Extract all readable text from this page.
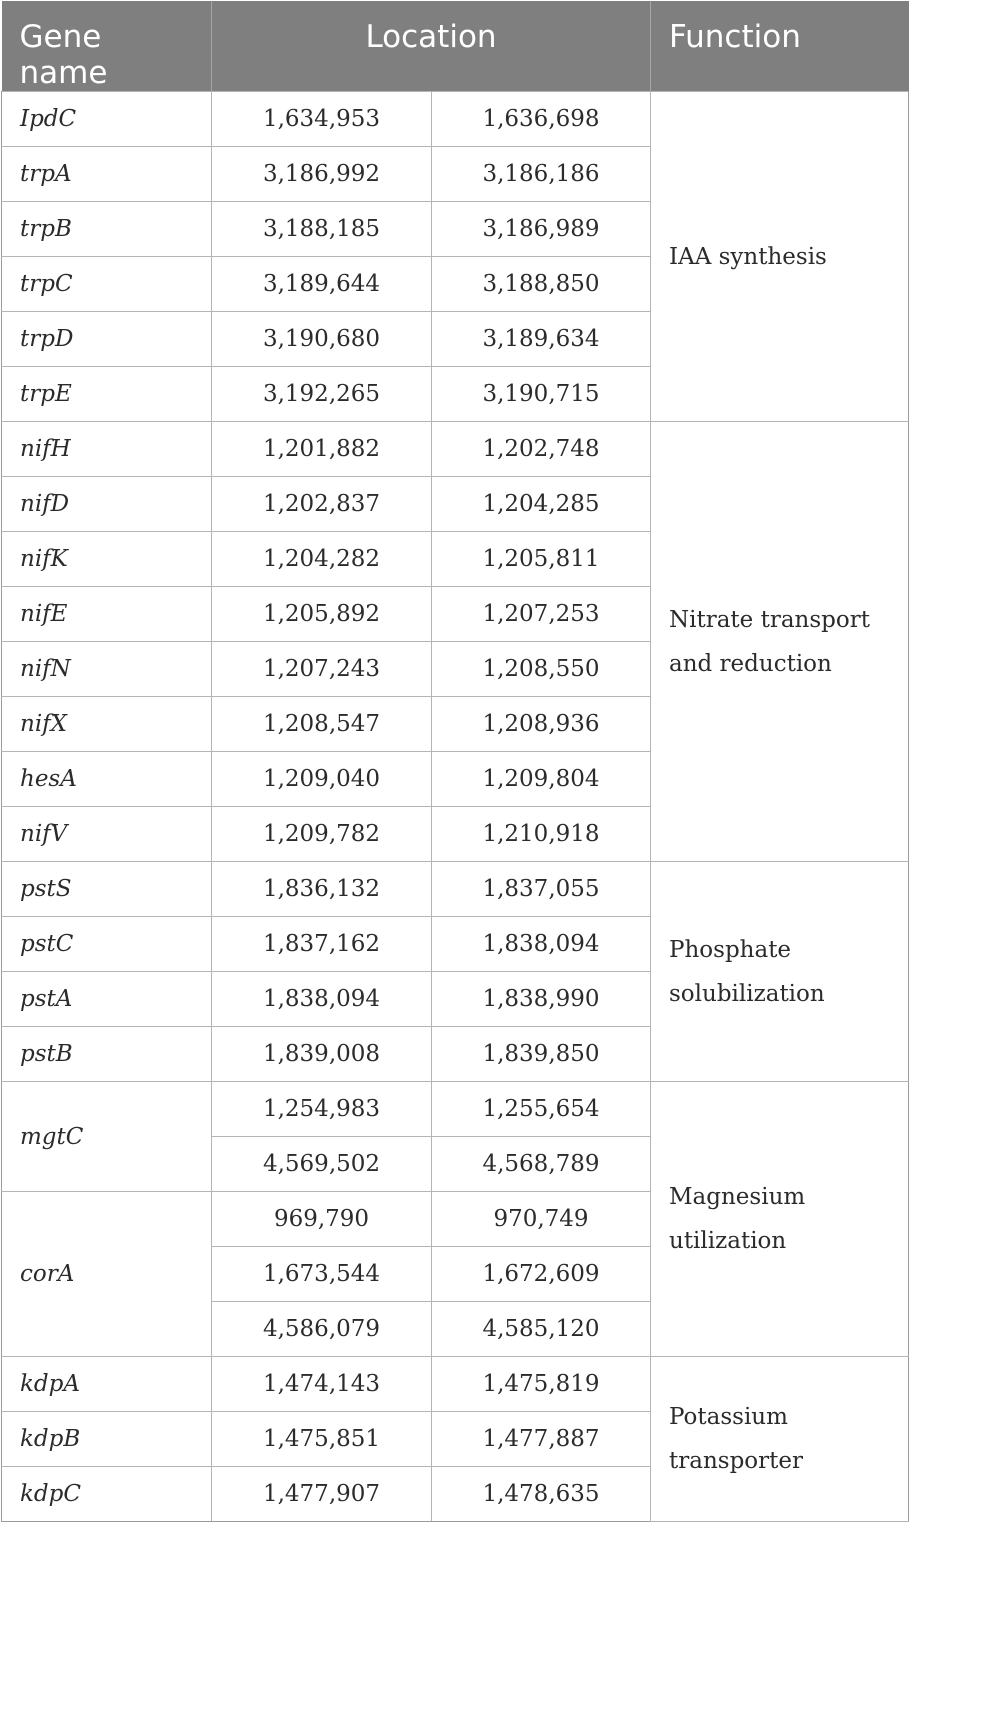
Gene name	Location		Function
IpdC	1,634,953	1,636,698	IAA synthesis
trpA	3,186,992	3,186,186	
trpB	3,188,185	3,186,989	
trpC	3,189,644	3,188,850	
trpD	3,190,680	3,189,634	
trpE	3,192,265	3,190,715	
nifH	1,201,882	1,202,748	Nitrate transport and reduction
nifD	1,202,837	1,204,285	
nifK	1,204,282	1,205,811	
nifE	1,205,892	1,207,253	
nifN	1,207,243	1,208,550	
nifX	1,208,547	1,208,936	
hesA	1,209,040	1,209,804	
nifV	1,209,782	1,210,918	
pstS	1,836,132	1,837,055	Phosphate solubilization
pstC	1,837,162	1,838,094	
pstA	1,838,094	1,838,990	
pstB	1,839,008	1,839,850	
mgtC	1,254,983	1,255,654	Magnesium utilization
	4,569,502	4,568,789	
corA	969,790	970,749	
	1,673,544	1,672,609	
	4,586,079	4,585,120	
kdpA	1,474,143	1,475,819	Potassium transporter
kdpB	1,475,851	1,477,887	
kdpC	1,477,907	1,478,635	
